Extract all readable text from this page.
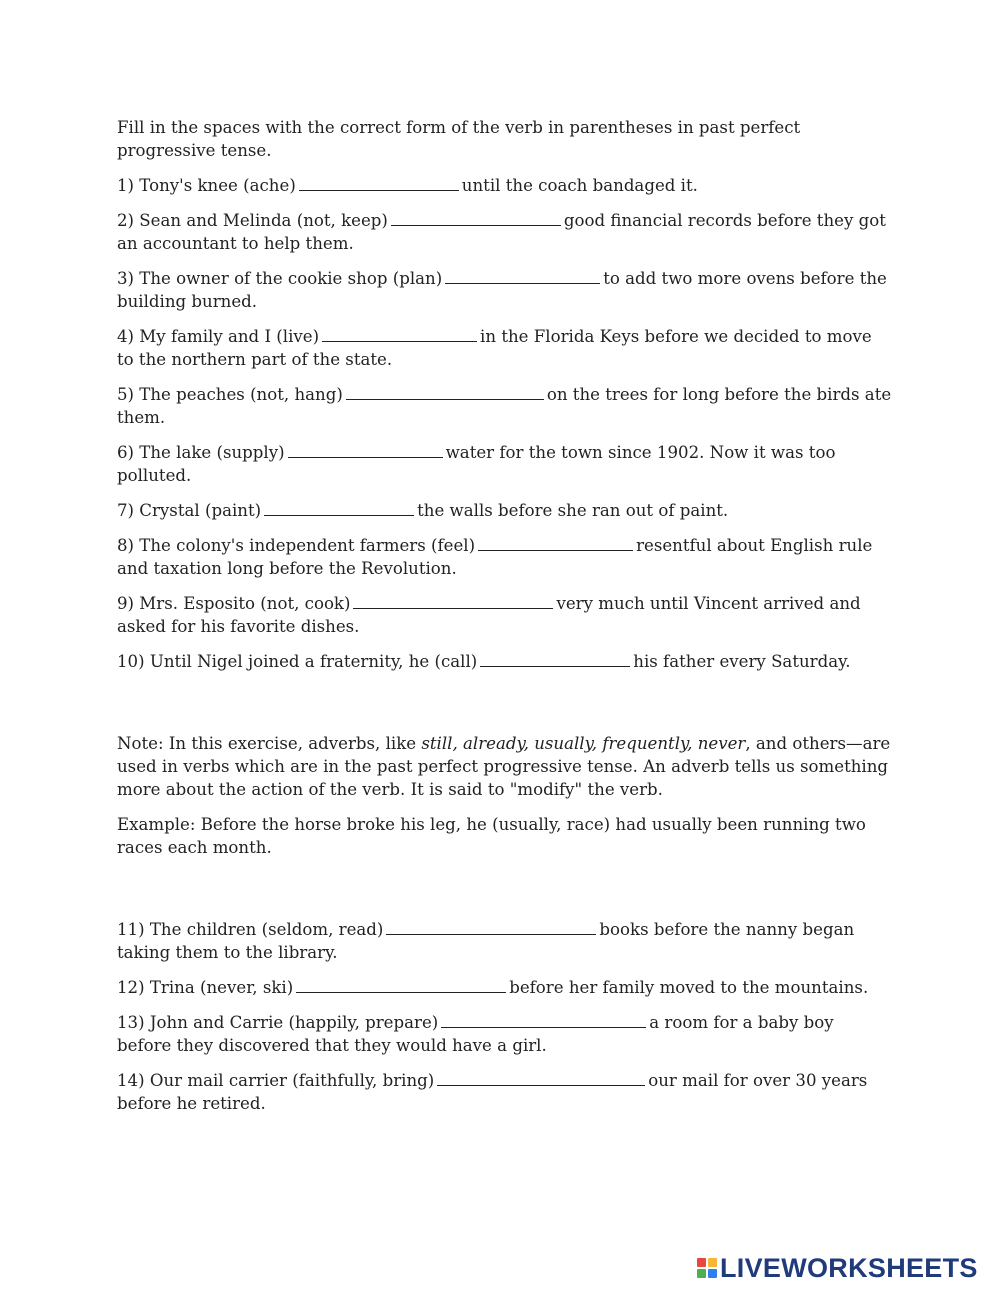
Fill in the spaces with the correct form of the verb in parentheses in past perfect progressive tense.

1) Tony's knee (ache)	until the coach bandaged it.

2) Sean and Melinda (not, keep)	good financial records before they got an accountant to help them.

3) The owner of the cookie shop (plan)	to add two more ovens before the building burned.

4) My family and I (live)	in the Florida Keys before we decided to move to the northern part of the state.

5) The peaches (not, hang)	on the trees for long before the birds ate them.

6) The lake (supply)	water for the town since 1902. Now it was too polluted.

7) Crystal (paint)	the walls before she ran out of paint.

8) The colony's independent farmers (feel)	resentful about English rule and taxation long before the Revolution.

9) Mrs. Esposito (not, cook)	very much until Vincent arrived and asked for his favorite dishes.

10) Until Nigel joined a fraternity, he (call)	his father every Saturday.

Note: In this exercise, adverbs, like still, already, usually, frequently, never, and others—are used in verbs which are in the past perfect progressive tense. An adverb tells us something more about the action of the verb. It is said to "modify" the verb.

Example: Before the horse broke his leg, he (usually, race) had usually been running two races each month.

11) The children (seldom, read)	books before the nanny began taking them to the library.

12) Trina (never, ski)	before her family moved to the mountains.

13) John and Carrie (happily, prepare)	a room for a baby boy before they discovered that they would have a girl.

14) Our mail carrier (faithfully, bring)	our mail for over 30 years before he retired.

LIVEWORKSHEETS
